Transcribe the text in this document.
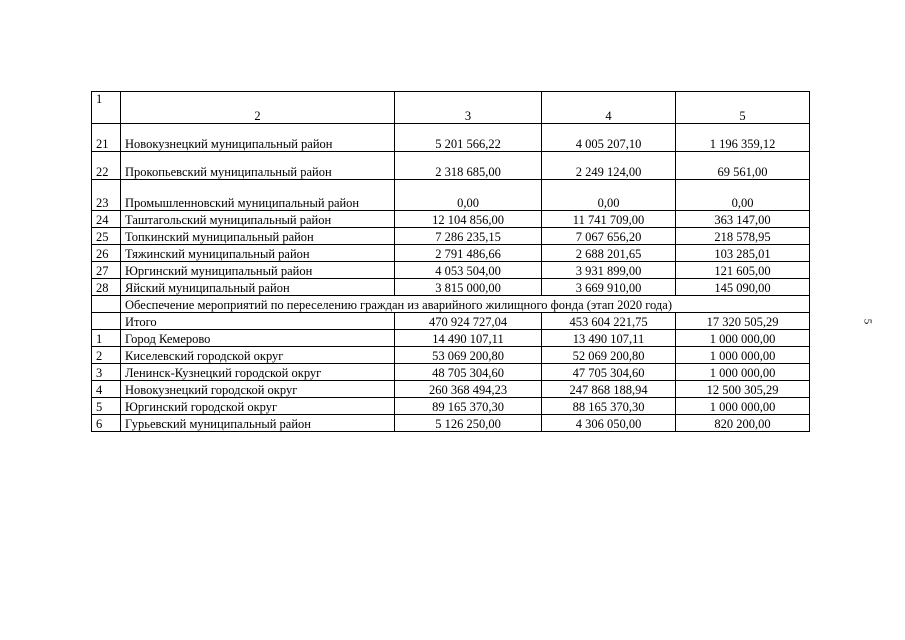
5
1	2	3	4	5
21	Новокузнецкий муниципальный район	5 201 566,22	4 005 207,10	1 196 359,12
22	Прокопьевский муниципальный район	2 318 685,00	2 249 124,00	69 561,00
23	Промышленновский муниципальный район	0,00	0,00	0,00
24	Таштагольский муниципальный район	12 104 856,00	11 741 709,00	363 147,00
25	Топкинский муниципальный район	7 286 235,15	7 067 656,20	218 578,95
26	Тяжинский муниципальный район	2 791 486,66	2 688 201,65	103 285,01
27	Юргинский муниципальный район	4 053 504,00	3 931 899,00	121 605,00
28	Яйский муниципальный район	3 815 000,00	3 669 910,00	145 090,00
	Обеспечение мероприятий по переселению граждан из аварийного жилищного фонда (этап 2020 года)			
	Итого	470 924 727,04	453 604 221,75	17 320 505,29
1	Город Кемерово	14 490 107,11	13 490 107,11	1 000 000,00
2	Киселевский городской округ	53 069 200,80	52 069 200,80	1 000 000,00
3	Ленинск-Кузнецкий городской округ	48 705 304,60	47 705 304,60	1 000 000,00
4	Новокузнецкий городской округ	260 368 494,23	247 868 188,94	12 500 305,29
5	Юргинский городской округ	89 165 370,30	88 165 370,30	1 000 000,00
6	Гурьевский муниципальный район	5 126 250,00	4 306 050,00	820 200,00
